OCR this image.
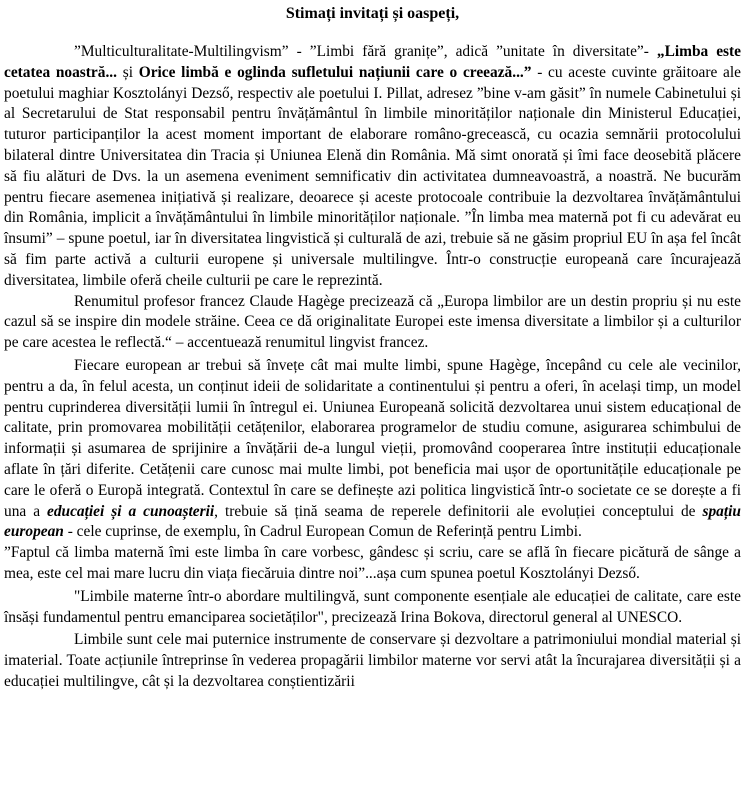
Stimați invitați și oaspeți,

”Multiculturalitate-Multilingvism” - ”Limbi fără granițe”, adică ”unitate în diversitate”- „Limba este cetatea noastră... și Orice limbă e oglinda sufletului națiunii care o creează...” - cu aceste cuvinte grăitoare ale poetului maghiar Kosztolányi Dezső, respectiv ale poetului I. Pillat, adresez ”bine v-am găsit” în numele Cabinetului și al Secretarului de Stat responsabil pentru învățământul în limbile minorităților naționale din Ministerul Educației, tuturor participanților la acest moment important de elaborare româno-grecească, cu ocazia semnării protocolului bilateral dintre Universitatea din Tracia și Uniunea Elenă din România. Mă simt onorată și îmi face deosebită plăcere să fiu alături de Dvs. la un asemena eveniment semnificativ din activitatea dumneavoastră, a noastră. Ne bucurăm pentru fiecare asemenea inițiativă și realizare, deoarece și aceste protocoale contribuie la dezvoltarea învățământului din România, implicit a învățământului în limbile minorităților naționale. ”În limba mea maternă pot fi cu adevărat eu însumi” – spune poetul, iar în diversitatea lingvistică și culturală de azi, trebuie să ne găsim propriul EU în așa fel încât să fim parte activă a culturii europene și universale multilingve. Într-o construcție europeană care încurajează diversitatea, limbile oferă cheile culturii pe care le reprezintă.

Renumitul profesor francez Claude Hagège precizează că „Europa limbilor are un destin propriu și nu este cazul să se inspire din modele străine. Ceea ce dă originalitate Europei este imensa diversitate a limbilor și a culturilor pe care acestea le reflectă.“ – accentuează renumitul lingvist francez.

Fiecare european ar trebui să învețe cât mai multe limbi, spune Hagège, începând cu cele ale vecinilor, pentru a da, în felul acesta, un conținut ideii de solidaritate a continentului și pentru a oferi, în același timp, un model pentru cuprinderea diversității lumii în întregul ei. Uniunea Europeană solicită dezvoltarea unui sistem educațional de calitate, prin promovarea mobilității cetățenilor, elaborarea programelor de studiu comune, asigurarea schimbului de informații și asumarea de sprijinire a învățării de-a lungul vieții, promovând cooperarea între instituții educaționale aflate în țări diferite. Cetățenii care cunosc mai multe limbi, pot beneficia mai ușor de oportunitățile educaționale pe care le oferă o Europă integrată. Contextul în care se definește azi politica lingvistică într-o societate ce se dorește a fi una a educației și a cunoașterii, trebuie să țină seama de reperele definitorii ale evoluției conceptului de spațiu european - cele cuprinse, de exemplu, în Cadrul European Comun de Referință pentru Limbi.

”Faptul că limba maternă îmi este limba în care vorbesc, gândesc și scriu, care se află în fiecare picătură de sânge a mea, este cel mai mare lucru din viața fiecăruia dintre noi”...așa cum spunea poetul Kosztolányi Dezső.

"Limbile materne într-o abordare multilingvă, sunt componente esențiale ale educației de calitate, care este însăși fundamentul pentru emanciparea societăților", precizează Irina Bokova, directorul general al UNESCO.

Limbile sunt cele mai puternice instrumente de conservare și dezvoltare a patrimoniului mondial material și imaterial. Toate acțiunile întreprinse în vederea propagării limbilor materne vor servi atât la încurajarea diversității și a educației multilingve, cât și la dezvoltarea conștientizării
